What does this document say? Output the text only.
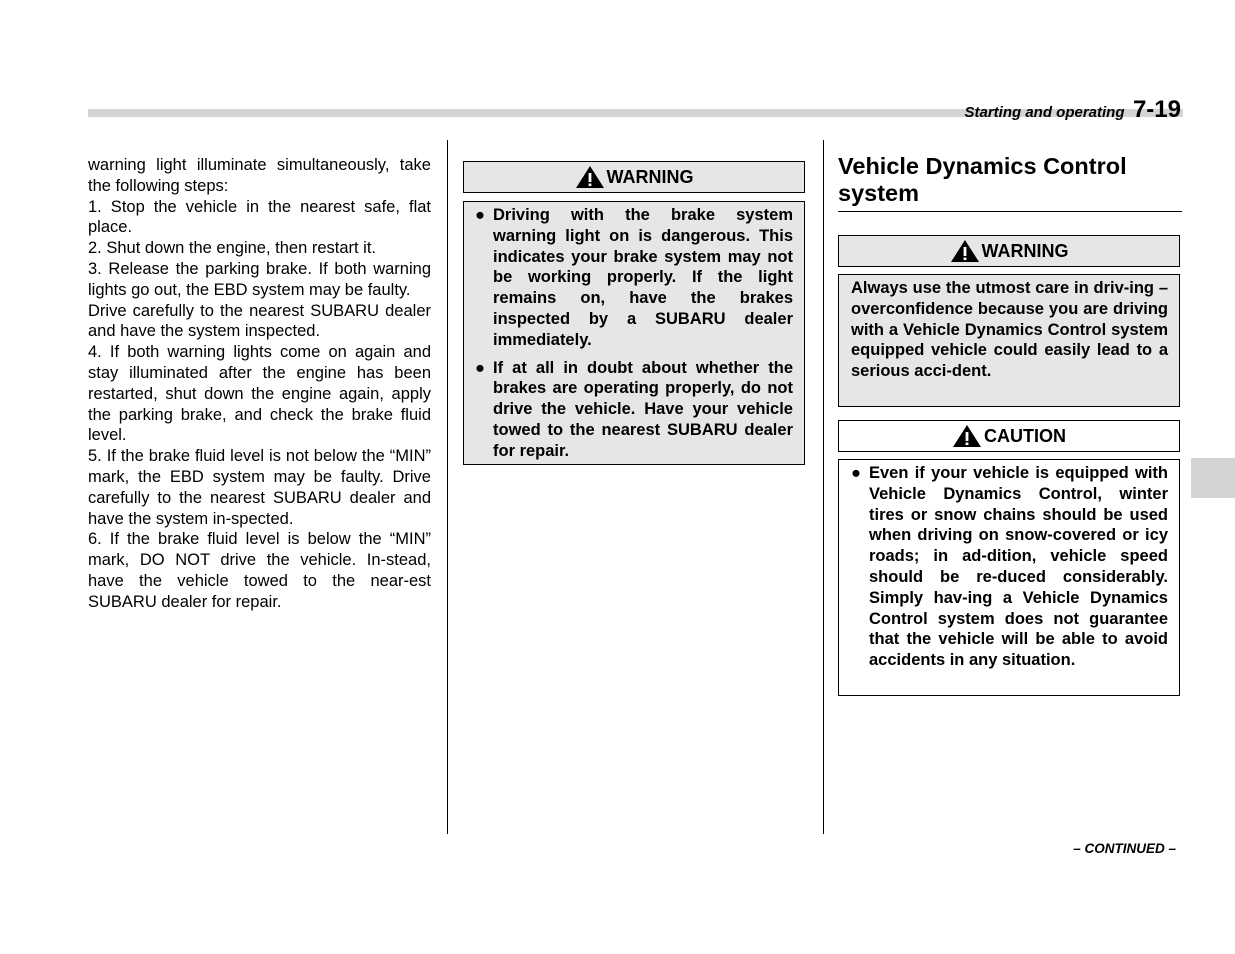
Starting and operating 7-19

warning light illuminate simultaneously, take the following steps:

1. Stop the vehicle in the nearest safe, flat place.

2. Shut down the engine, then restart it.

3. Release the parking brake. If both warning lights go out, the EBD system may be faulty.

Drive carefully to the nearest SUBARU dealer and have the system inspected.

4. If both warning lights come on again and stay illuminated after the engine has been restarted, shut down the engine again, apply the parking brake, and check the brake fluid level.

5. If the brake fluid level is not below the “MIN” mark, the EBD system may be faulty. Drive carefully to the nearest SUBARU dealer and have the system in-spected.

6. If the brake fluid level is below the “MIN” mark, DO NOT drive the vehicle. In-stead, have the vehicle towed to the near-est SUBARU dealer for repair.

WARNING
● Driving with the brake system warning light on is dangerous. This indicates your brake system may not be working properly. If the light remains on, have the brakes inspected by a SUBARU dealer immediately.
● If at all in doubt about whether the brakes are operating properly, do not drive the vehicle. Have your vehicle towed to the nearest SUBARU dealer for repair.
Vehicle Dynamics Control system
WARNING
Always use the utmost care in driv-ing – overconfidence because you are driving with a Vehicle Dynamics Control system equipped vehicle could easily lead to a serious acci-dent.
CAUTION
● Even if your vehicle is equipped with Vehicle Dynamics Control, winter tires or snow chains should be used when driving on snow-covered or icy roads; in ad-dition, vehicle speed should be re-duced considerably. Simply hav-ing a Vehicle Dynamics Control system does not guarantee that the vehicle will be able to avoid accidents in any situation.
– CONTINUED –
